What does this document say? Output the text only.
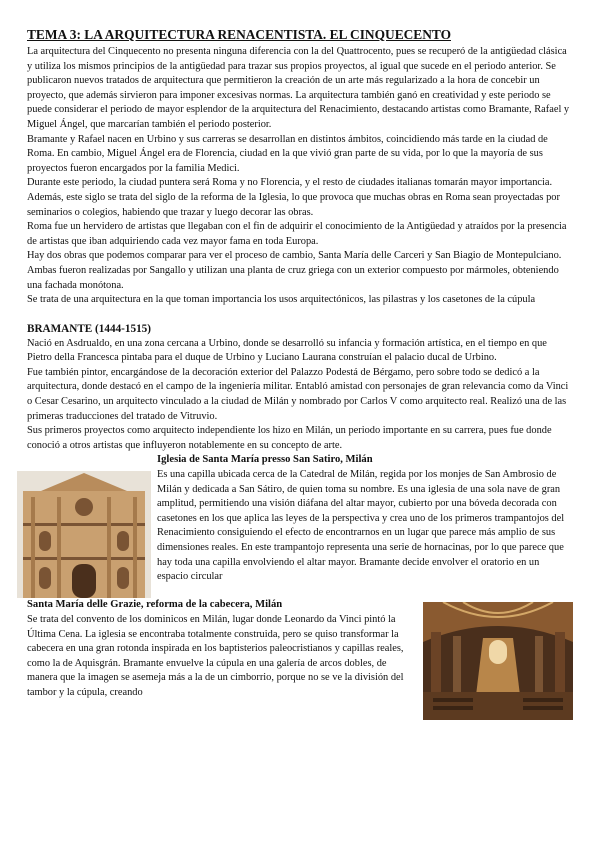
TEMA 3: LA ARQUITECTURA RENACENTISTA. EL CINQUECENTO

La arquitectura del Cinquecento no presenta ninguna diferencia con la del Quattrocento, pues se recuperó de la antigüedad clásica y utiliza los mismos principios de la antigüedad para trazar sus propios proyectos, al igual que sucede en el periodo anterior. Se publicaron nuevos tratados de arquitectura que permitieron la creación de un arte más regularizado a la hora de concebir un proyecto, que además sirvieron para imponer excesivas normas. La arquitectura también ganó en creatividad y este periodo se puede considerar el periodo de mayor esplendor de la arquitectura del Renacimiento, destacando artistas como Bramante, Rafael y Miguel Ángel, que marcarían también el periodo posterior.

Bramante y Rafael nacen en Urbino y sus carreras se desarrollan en distintos ámbitos, coincidiendo más tarde en la ciudad de Roma. En cambio, Miguel Ángel era de Florencia, ciudad en la que vivió gran parte de su vida, por lo que la mayoría de sus proyectos fueron encargados por la familia Medici.

Durante este periodo, la ciudad puntera será Roma y no Florencia, y el resto de ciudades italianas tomarán mayor importancia. Además, este siglo se trata del siglo de la reforma de la Iglesia, lo que provoca que muchas obras en Roma sean proyectadas por seminarios o colegios, habiendo que trazar y luego decorar las obras.

Roma fue un hervidero de artistas que llegaban con el fin de adquirir el conocimiento de la Antigüedad y atraídos por la presencia de artistas que iban adquiriendo cada vez mayor fama en toda Europa.

Hay dos obras que podemos comparar para ver el proceso de cambio, Santa María delle Carceri y San Biagio de Montepulciano. Ambas fueron realizadas por Sangallo y utilizan una planta de cruz griega con un exterior compuesto por mármoles, obteniendo una fachada monótona.

Se trata de una arquitectura en la que toman importancia los usos arquitectónicos, las pilastras y los casetones de la cúpula

BRAMANTE (1444-1515)

Nació en Asdrualdo, en una zona cercana a Urbino, donde se desarrolló su infancia y formación artística, en el tiempo en que Pietro della Francesca pintaba para el duque de Urbino y Luciano Laurana construían el palacio ducal de Urbino.

Fue también pintor, encargándose de la decoración exterior del Palazzo Podestá de Bérgamo, pero sobre todo se dedicó a la arquitectura, donde destacó en el campo de la ingeniería militar. Entabló amistad con personajes de gran relevancia como da Vinci o Cesar Cesarino, un arquitecto vinculado a la ciudad de Milán y nombrado por Carlos V como arquitecto real. Realizó una de las primeras traducciones del tratado de Vitruvio.

Sus primeros proyectos como arquitecto independiente los hizo en Milán, un periodo importante en su carrera, pues fue donde conoció a otros artistas que influyeron notablemente en su concepto de arte.

Iglesia de Santa María presso San Satiro, Milán

Es una capilla ubicada cerca de la Catedral de Milán, regida por los monjes de San Ambrosio de Milán y dedicada a San Sátiro, de quien toma su nombre. Es una iglesia de una sola nave de gran amplitud, permitiendo una visión diáfana del altar mayor, cubierto por una bóveda decorada con casetones en los que aplica las leyes de la perspectiva y crea uno de los primeros trampantojos del Renacimiento consiguiendo el efecto de encontrarnos en un lugar que parece más amplio de sus dimensiones reales. En este trampantojo representa una serie de hornacinas, por lo que parece que hay toda una capilla envolviendo el altar mayor. Bramante decide envolver el oratorio en un espacio circular

Santa María delle Grazie, reforma de la cabecera, Milán

Se trata del convento de los dominicos en Milán, lugar donde Leonardo da Vinci pintó la Última Cena. La iglesia se encontraba totalmente construida, pero se quiso transformar la cabecera en una gran rotonda inspirada en los baptisterios paleocristianos y capillas reales, como la de Aquisgrán. Bramante envuelve la cúpula en una galería de arcos dobles, de manera que la imagen se asemeja más a la de un cimborrio, porque no se ve la división del tambor y la cúpula, creando
